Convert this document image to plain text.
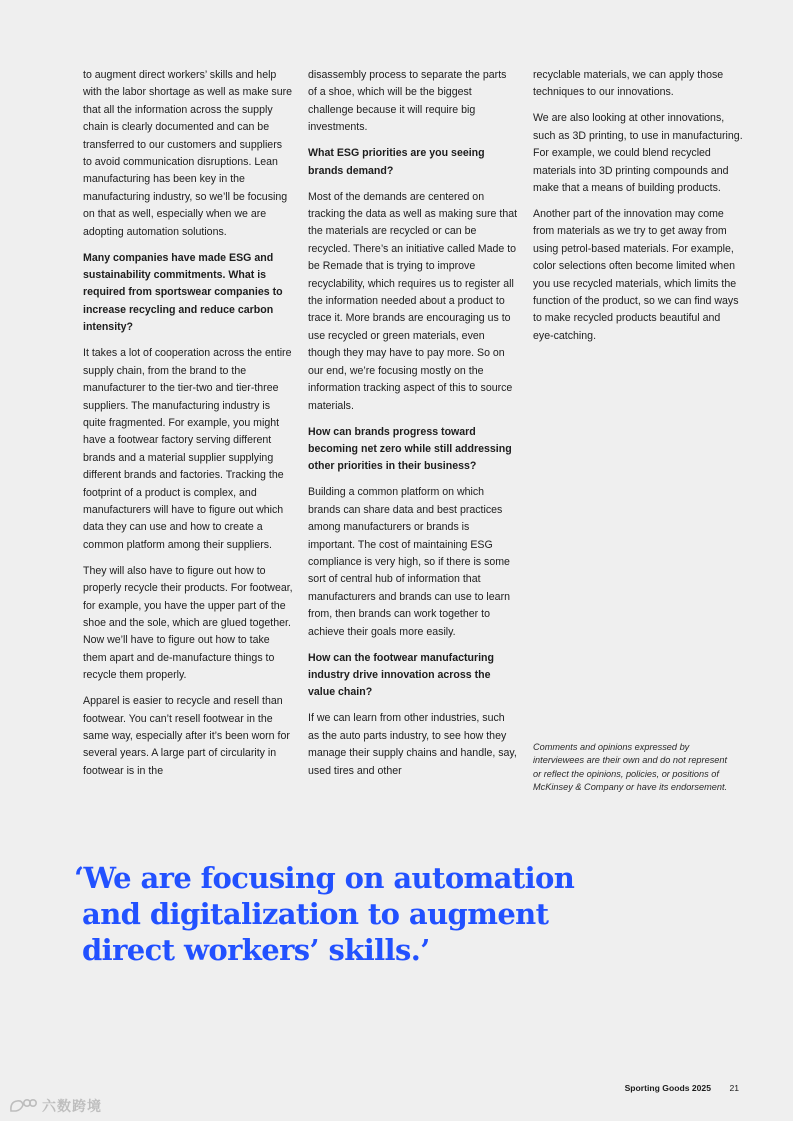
to augment direct workers’ skills and help with the labor shortage as well as make sure that all the information across the supply chain is clearly documented and can be transferred to our customers and suppliers to avoid communication disruptions. Lean manufacturing has been key in the manufacturing industry, so we’ll be focusing on that as well, especially when we are adopting automation solutions.

Many companies have made ESG and sustainability commitments. What is required from sportswear companies to increase recycling and reduce carbon intensity?

It takes a lot of cooperation across the entire supply chain, from the brand to the manufacturer to the tier-two and tier-three suppliers. The manufacturing industry is quite fragmented. For example, you might have a footwear factory serving different brands and a material supplier supplying different brands and factories. Tracking the footprint of a product is complex, and manufacturers will have to figure out which data they can use and how to create a common platform among their suppliers.

They will also have to figure out how to properly recycle their products. For footwear, for example, you have the upper part of the shoe and the sole, which are glued together. Now we’ll have to figure out how to take them apart and de-manufacture things to recycle them properly.

Apparel is easier to recycle and resell than footwear. You can’t resell footwear in the same way, especially after it’s been worn for several years. A large part of circularity in footwear is in the

disassembly process to separate the parts of a shoe, which will be the biggest challenge because it will require big investments.

What ESG priorities are you seeing brands demand?

Most of the demands are centered on tracking the data as well as making sure that the materials are recycled or can be recycled. There’s an initiative called Made to be Remade that is trying to improve recyclability, which requires us to register all the information needed about a product to trace it. More brands are encouraging us to use recycled or green materials, even though they may have to pay more. So on our end, we’re focusing mostly on the information tracking aspect of this to source materials.

How can brands progress toward becoming net zero while still addressing other priorities in their business?

Building a common platform on which brands can share data and best practices among manufacturers or brands is important. The cost of maintaining ESG compliance is very high, so if there is some sort of central hub of information that manufacturers and brands can use to learn from, then brands can work together to achieve their goals more easily.

How can the footwear manufacturing industry drive innovation across the value chain?

If we can learn from other industries, such as the auto parts industry, to see how they manage their supply chains and handle, say, used tires and other

recyclable materials, we can apply those techniques to our innovations.

We are also looking at other innovations, such as 3D printing, to use in manufacturing. For example, we could blend recycled materials into 3D printing compounds and make that a means of building products.

Another part of the innovation may come from materials as we try to get away from using petrol-based materials. For example, color selections often become limited when you use recycled materials, which limits the function of the product, so we can find ways to make recycled products beautiful and eye-catching.

Comments and opinions expressed by interviewees are their own and do not represent or reflect the opinions, policies, or positions of McKinsey & Company or have its endorsement.
‘We are focusing on automation
and digitalization to augment
direct workers’ skills.’
Sporting Goods 2025 21
六数跨境
